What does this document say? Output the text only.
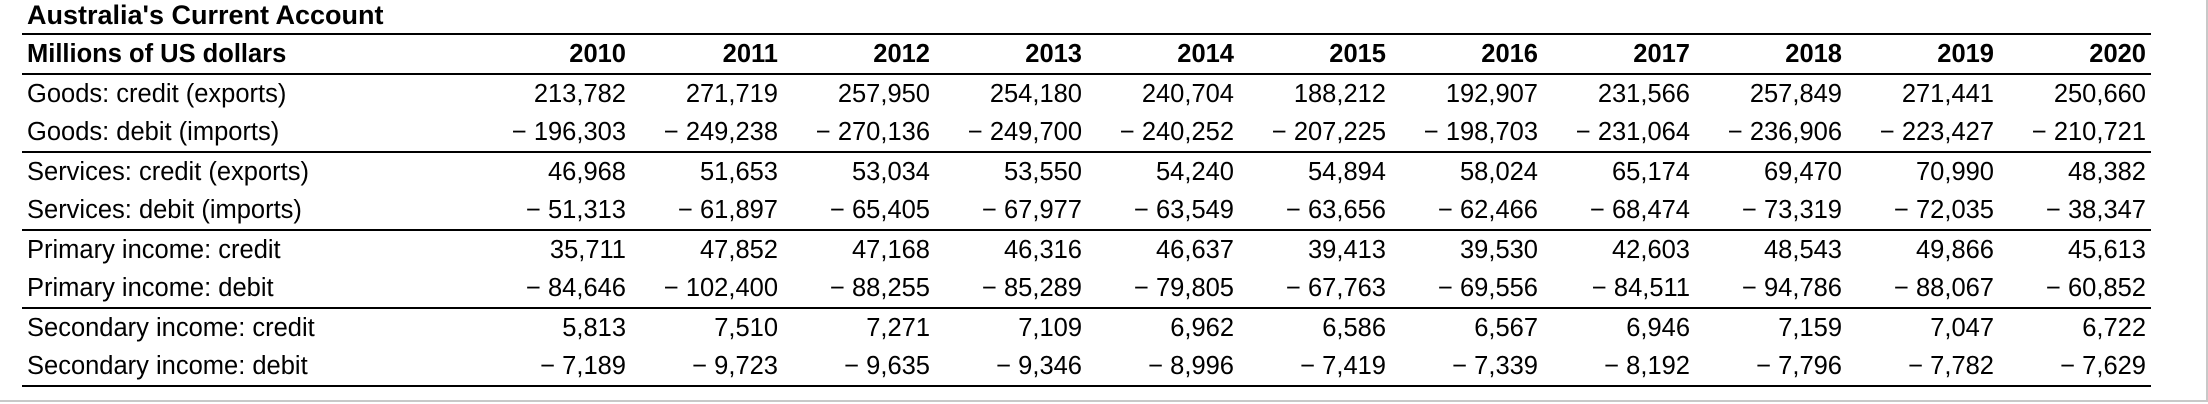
Australia's Current Account
Millions of US dollars	2010	2011	2012	2013	2014	2015	2016	2017	2018	2019	2020
Goods: credit (exports)	213,782	271,719	257,950	254,180	240,704	188,212	192,907	231,566	257,849	271,441	250,660
Goods: debit (imports)	− 196,303	− 249,238	− 270,136	− 249,700	− 240,252	− 207,225	− 198,703	− 231,064	− 236,906	− 223,427	− 210,721
Services: credit (exports)	46,968	51,653	53,034	53,550	54,240	54,894	58,024	65,174	69,470	70,990	48,382
Services: debit (imports)	− 51,313	− 61,897	− 65,405	− 67,977	− 63,549	− 63,656	− 62,466	− 68,474	− 73,319	− 72,035	− 38,347
Primary income: credit	35,711	47,852	47,168	46,316	46,637	39,413	39,530	42,603	48,543	49,866	45,613
Primary income: debit	− 84,646	− 102,400	− 88,255	− 85,289	− 79,805	− 67,763	− 69,556	− 84,511	− 94,786	− 88,067	− 60,852
Secondary income: credit	5,813	7,510	7,271	7,109	6,962	6,586	6,567	6,946	7,159	7,047	6,722
Secondary income: debit	− 7,189	− 9,723	− 9,635	− 9,346	− 8,996	− 7,419	− 7,339	− 8,192	− 7,796	− 7,782	− 7,629
